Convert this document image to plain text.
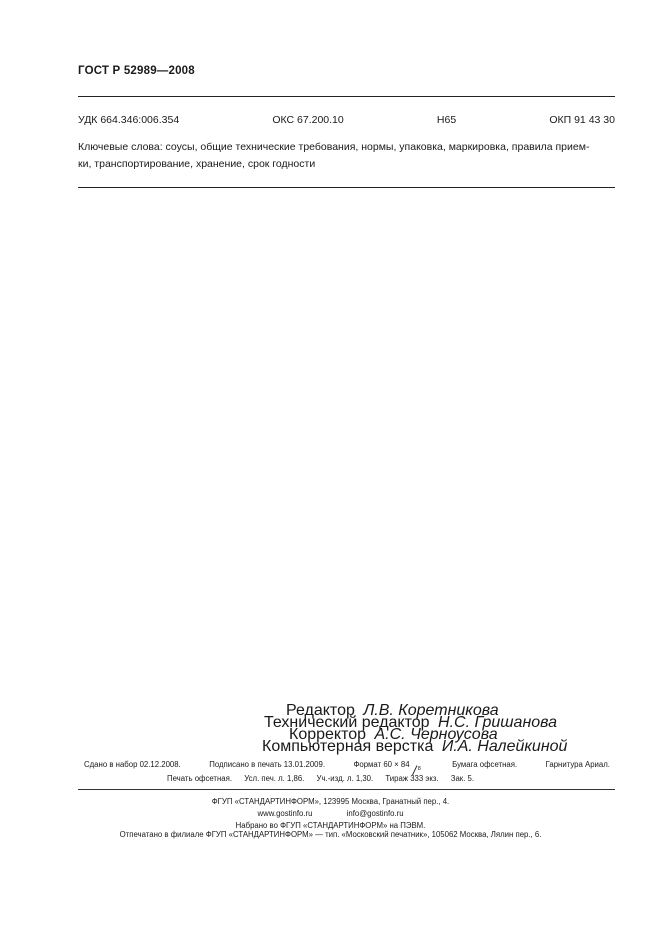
ГОСТ Р 52989—2008
УДК 664.346:006.354	ОКС 67.200.10	Н65	ОКП 91 43 30
Ключевые слова: соусы, общие технические требования, нормы, упаковка, маркировка, правила прием-
ки, транспортирование, хранение, срок годности
Редактор Л.В. Коретникова
Технический редактор Н.С. Гришанова
Корректор А.С. Черноусова
Компьютерная верстка И.А. Налейкиной
Сдано в набор 02.12.2008.	Подписано в печать 13.01.2009.	Формат 60 × 84 8
/	Бумага офсетная.	Гарнитура Ариал.
Печать офсетная. Усл. печ. л. 1,86. Уч.-изд. л. 1,30. Тираж 333 экз. Зак. 5.
ФГУП «СТАНДАРТИНФОРМ», 123995 Москва, Гранатный пер., 4.
www.gostinfo.ru	info@gostinfo.ru
Набрано во ФГУП «СТАНДАРТИНФОРМ» на ПЭВМ.
Отпечатано в филиале ФГУП «СТАНДАРТИНФОРМ» — тип. «Московский печатник», 105062 Москва, Лялин пер., 6.
